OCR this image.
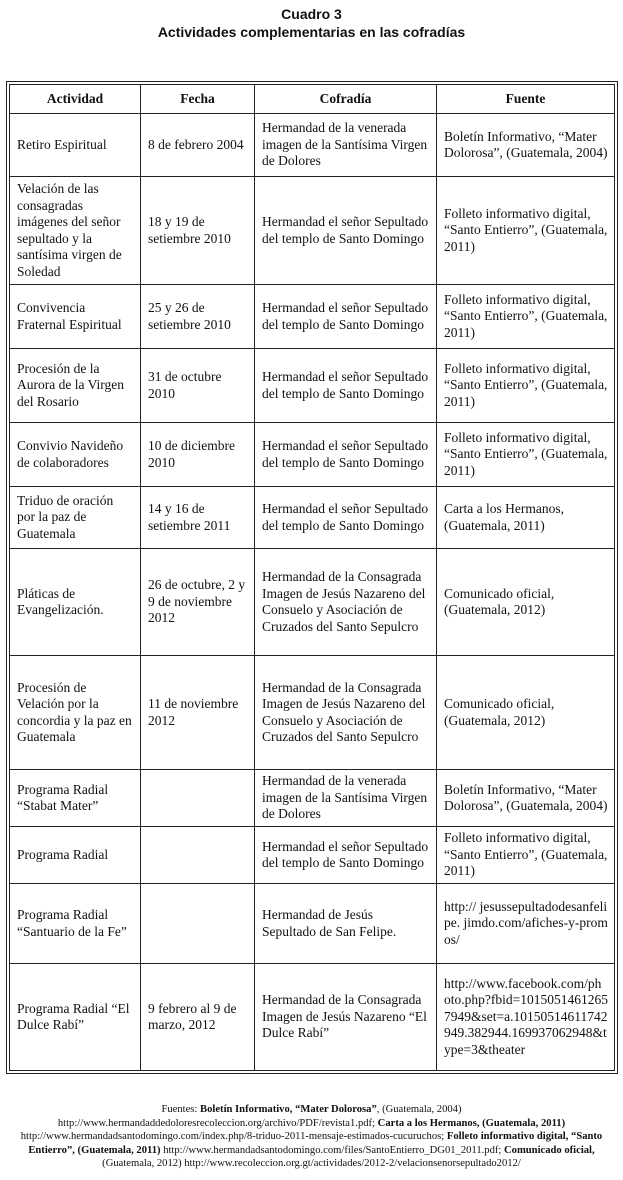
Cuadro 3
Actividades complementarias en las cofradías
Actividad	Fecha	Cofradía	Fuente
Retiro Espiritual	8 de febrero 2004	Hermandad de la venerada imagen de la Santísima Virgen de Dolores	Boletín Informativo, “Mater Dolorosa”, (Guatemala, 2004)
Velación de las consagradas imágenes del señor sepultado y la santísima virgen de Soledad	18 y 19 de setiembre 2010	Hermandad el señor Sepultado del templo de Santo Domingo	Folleto informativo digital, “Santo Entierro”, (Guatemala, 2011)
Convivencia Fraternal Espiritual	25 y 26 de setiembre 2010	Hermandad el señor Sepultado del templo de Santo Domingo	Folleto informativo digital, “Santo Entierro”, (Guatemala, 2011)
Procesión de la Aurora de la Virgen del Rosario	31 de octubre 2010	Hermandad el señor Sepultado del templo de Santo Domingo	Folleto informativo digital, “Santo Entierro”, (Guatemala, 2011)
Convivio Navideño de colaboradores	10 de diciembre 2010	Hermandad el señor Sepultado del templo de Santo Domingo	Folleto informativo digital, “Santo Entierro”, (Guatemala, 2011)
Triduo de oración por la paz de Guatemala	14 y 16 de setiembre 2011	Hermandad el señor Sepultado del templo de Santo Domingo	Carta a los Hermanos, (Guatemala, 2011)
Pláticas de Evangelización.	26 de octubre, 2 y 9 de noviembre 2012	Hermandad de la Consagrada Imagen de Jesús Nazareno del Consuelo y Asociación de Cruzados del Santo Sepulcro	Comunicado oficial, (Guatemala, 2012)
Procesión de Velación por la concordia y la paz en Guatemala	11 de noviembre 2012	Hermandad de la Consagrada Imagen de Jesús Nazareno del Consuelo y Asociación de Cruzados del Santo Sepulcro	Comunicado oficial, (Guatemala, 2012)
Programa Radial “Stabat Mater”		Hermandad de la venerada imagen de la Santísima Virgen de Dolores	Boletín Informativo, “Mater Dolorosa”, (Guatemala, 2004)
Programa Radial		Hermandad el señor Sepultado del templo de Santo Domingo	Folleto informativo digital, “Santo Entierro”, (Guatemala, 2011)
Programa Radial “Santuario de la Fe”		Hermandad de Jesús Sepultado de San Felipe.	http:// jesussepultadodesanfelipe. jimdo.com/afiches-y-promos/
Programa Radial “El Dulce Rabí”	9 febrero al 9 de marzo, 2012	Hermandad de la Consagrada Imagen de Jesús Nazareno “El Dulce Rabí”	http://www.facebook.com/photo.php?fbid=10150514612657949&set=a.10150514611742949.382944.169937062948&type=3&theater
Fuentes: Boletín Informativo, “Mater Dolorosa”, (Guatemala, 2004) http://www.hermandaddedoloresrecoleccion.org/archivo/PDF/revista1.pdf; Carta a los Hermanos, (Guatemala, 2011) http://www.hermandadsantodomingo.com/index.php/8-triduo-2011-mensaje-estimados-cucuruchos; Folleto informativo digital, “Santo Entierro”, (Guatemala, 2011) http://www.hermandadsantodomingo.com/files/SantoEntierro_DG01_2011.pdf; Comunicado oficial, (Guatemala, 2012) http://www.recoleccion.org.gt/actividades/2012-2/velacionsenorsepultado2012/
